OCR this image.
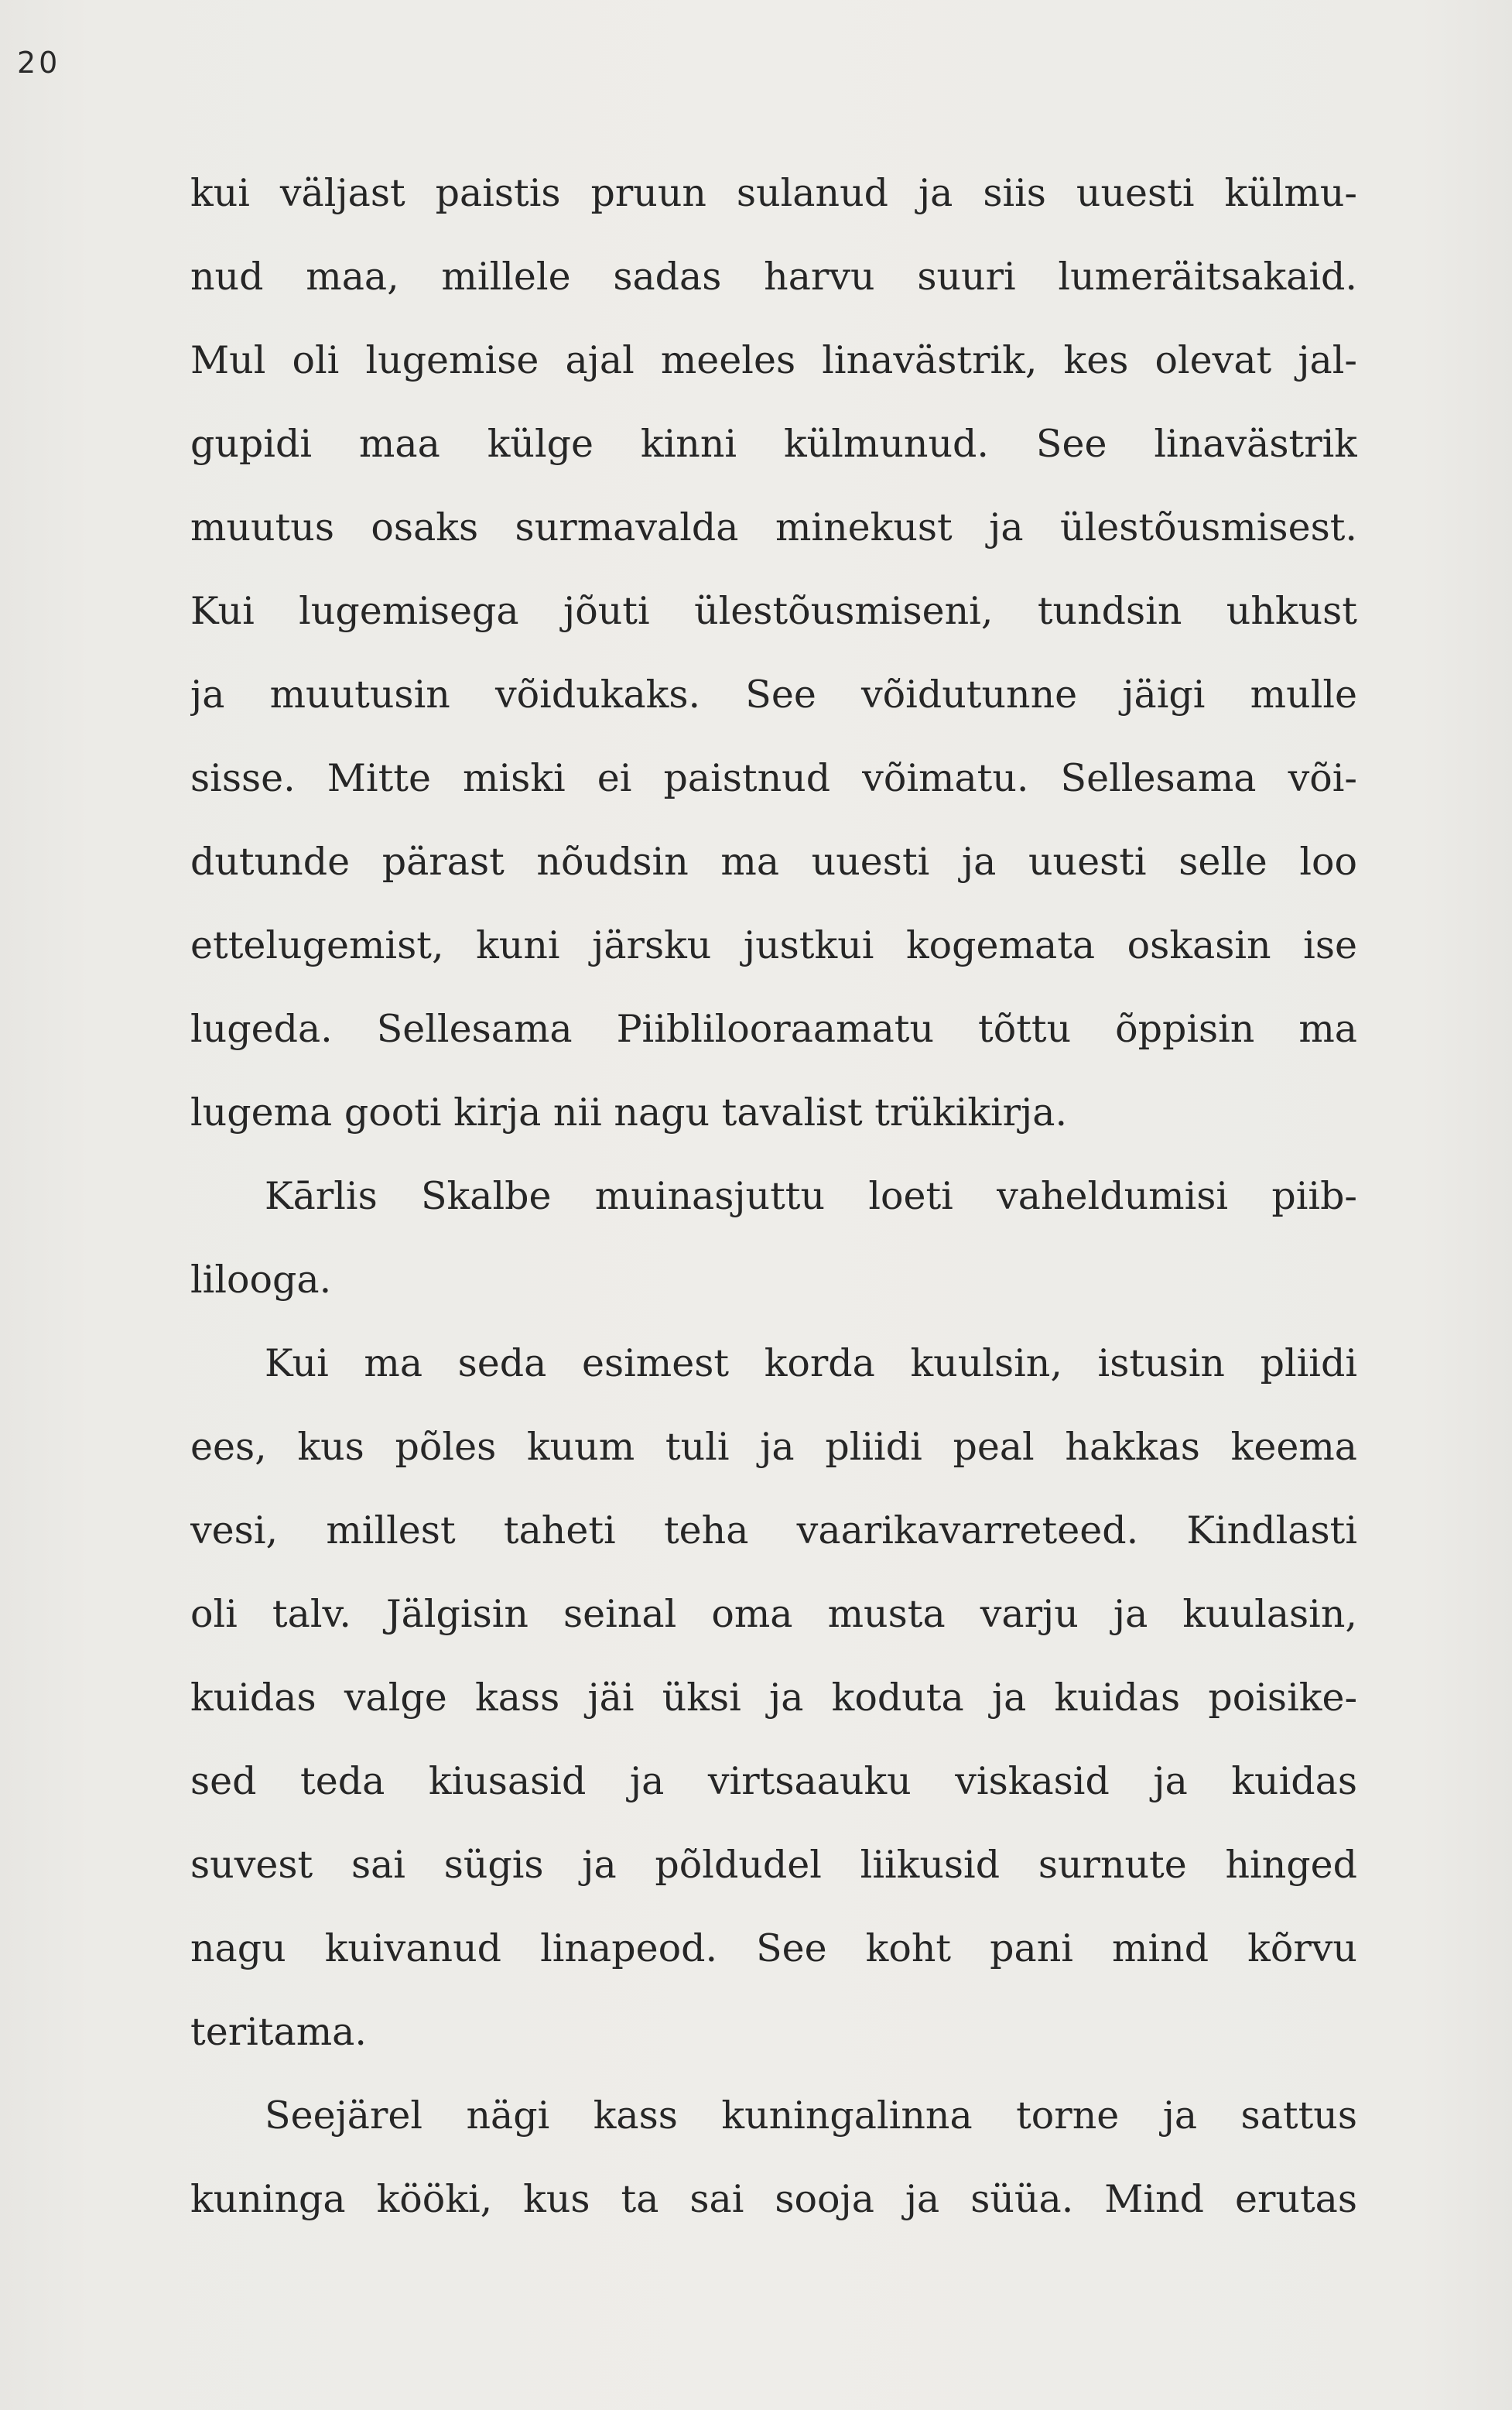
20
kui väljast paistis pruun sulanud ja siis uuesti külmu-
nud maa, millele sadas harvu suuri lumeräitsakaid.
Mul oli lugemise ajal meeles linavästrik, kes olevat jal-
gupidi maa külge kinni külmunud. See linavästrik
muutus osaks surmavalda minekust ja ülestõusmisest.
Kui lugemisega jõuti ülestõusmiseni, tundsin uhkust
ja muutusin võidukaks. See võidutunne jäigi mulle
sisse. Mitte miski ei paistnud võimatu. Sellesama või-
dutunde pärast nõudsin ma uuesti ja uuesti selle loo
ettelugemist, kuni järsku justkui kogemata oskasin ise
lugeda. Sellesama Piiblilooraamatu tõttu õppisin ma
lugema gooti kirja nii nagu tavalist trükikirja.
Kārlis Skalbe muinasjuttu loeti vaheldumisi piib-
lilooga.
Kui ma seda esimest korda kuulsin, istusin pliidi
ees, kus põles kuum tuli ja pliidi peal hakkas keema
vesi, millest taheti teha vaarikavarreteed. Kindlasti
oli talv. Jälgisin seinal oma musta varju ja kuulasin,
kuidas valge kass jäi üksi ja koduta ja kuidas poisike-
sed teda kiusasid ja virtsaauku viskasid ja kuidas
suvest sai sügis ja põldudel liikusid surnute hinged
nagu kuivanud linapeod. See koht pani mind kõrvu
teritama.
Seejärel nägi kass kuningalinna torne ja sattus
kuninga kööki, kus ta sai sooja ja süüa. Mind erutas
